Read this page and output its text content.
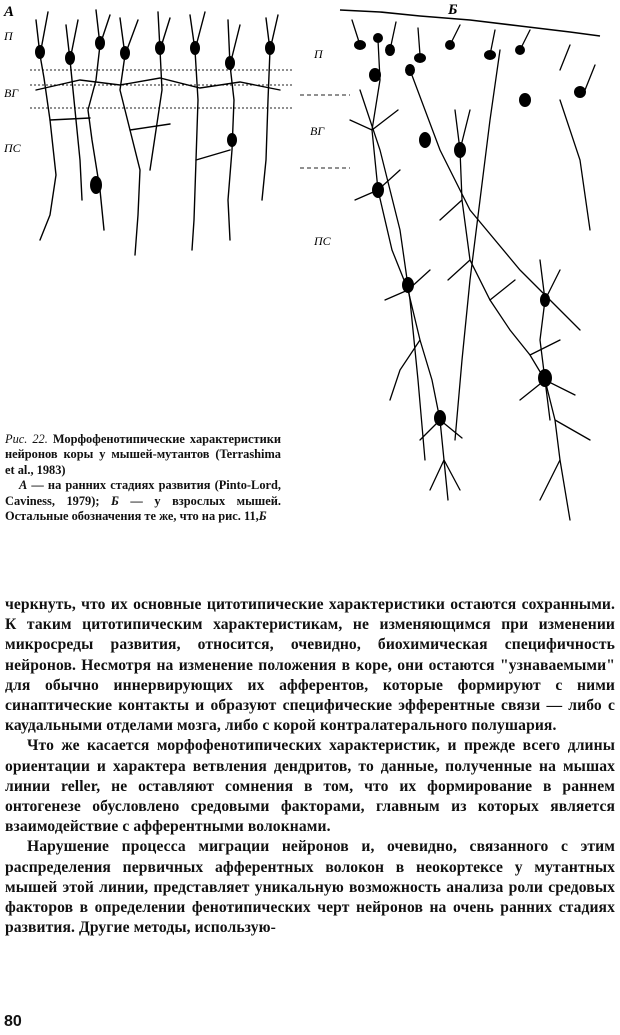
А
П
ВГ
ПС
Б
П
ВГ
ПС

Рис. 22. Морфофенотипические характеристики нейронов коры у мышей-мутантов (Terrashima et al., 1983)

А — на ранних стадиях развития (Pinto-Lord, Caviness, 1979); Б — у взрослых мышей. Остальные обозначения те же, что на рис. 11,Б

черкнуть, что их основные цитотипические характеристики остаются сохранными. К таким цитотипическим характеристикам, не изменяющимся при изменении микросреды развития, относится, очевидно, биохимическая специфичность нейронов. Несмотря на изменение положения в коре, они остаются "узнаваемыми" для обычно иннервирующих их афферентов, которые формируют с ними синаптические контакты и образуют специфические эфферентные связи — либо с каудальными отделами мозга, либо с корой контралатерального полушария.

Что же касается морфофенотипических характеристик, и прежде всего длины ориентации и характера ветвления дендритов, то данные, полученные на мышах линии reller, не оставляют сомнения в том, что их формирование в раннем онтогенезе обусловлено средовыми факторами, главным из которых является взаимодействие с афферентными волокнами.

Нарушение процесса миграции нейронов и, очевидно, связанного с этим распределения первичных афферентных волокон в неокортексе у мутантных мышей этой линии, представляет уникальную возможность анализа роли средовых факторов в определении фенотипических черт нейронов на очень ранних стадиях развития. Другие методы, использую-

80
